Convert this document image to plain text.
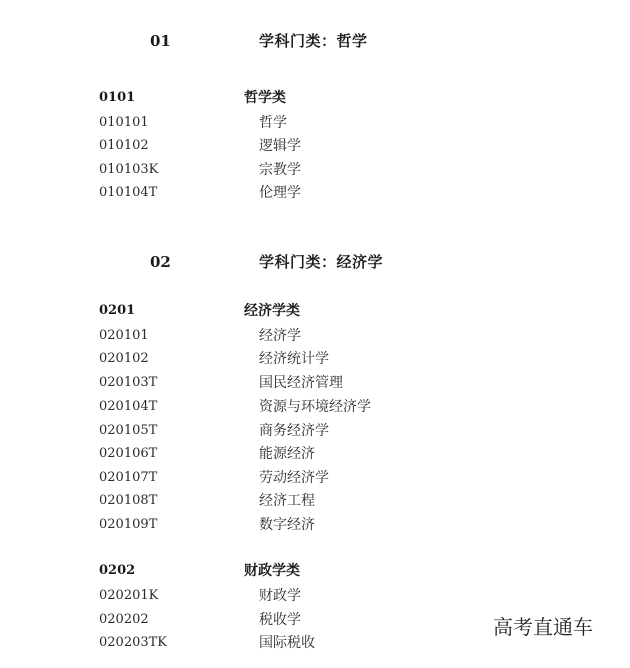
01	学科门类：哲学
0101	哲学类
010101	哲学
010102	逻辑学
010103K	宗教学
010104T	伦理学
02	学科门类：经济学
0201	经济学类
020101	经济学
020102	经济统计学
020103T	国民经济管理
020104T	资源与环境经济学
020105T	商务经济学
020106T	能源经济
020107T	劳动经济学
020108T	经济工程
020109T	数字经济
0202	财政学类
020201K	财政学
020202	税收学
020203TK	国际税收
高考直通车
